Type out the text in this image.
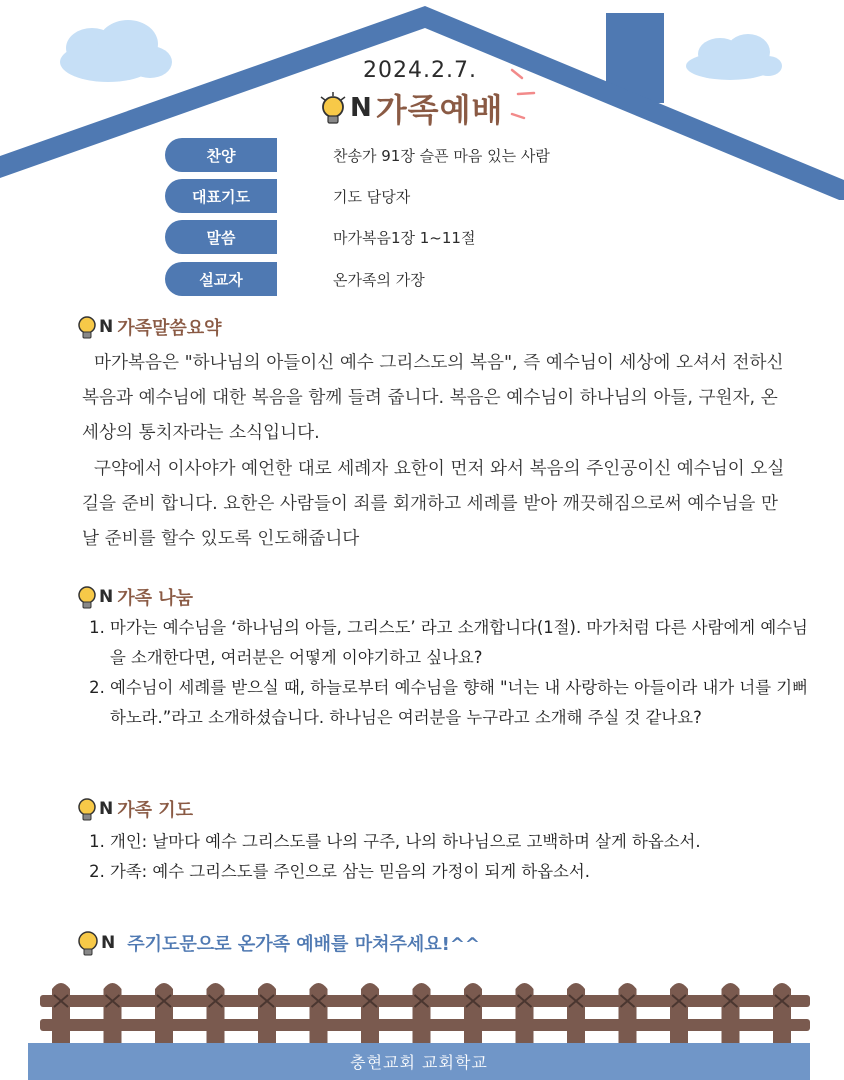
2024.2.7.
N 가족예배
찬양	찬송가 91장 슬픈 마음 있는 사람
대표기도	기도 담당자
말씀	마가복음1장 1~11절
설교자	온가족의 가장
N 가족말씀요약

마가복음은 "하나님의 아들이신 예수 그리스도의 복음", 즉 예수님이 세상에 오셔서 전하신 복음과 예수님에 대한 복음을 함께 들려 줍니다. 복음은 예수님이 하나님의 아들, 구원자, 온 세상의 통치자라는 소식입니다.

구약에서 이사야가 예언한 대로 세례자 요한이 먼저 와서 복음의 주인공이신 예수님이 오실 길을 준비 합니다. 요한은 사람들이 죄를 회개하고 세례를 받아 깨끗해짐으로써 예수님을 만날 준비를 할수 있도록 인도해줍니다

N 가족 나눔
1. 마가는 예수님을 ‘하나님의 아들, 그리스도’ 라고 소개합니다(1절). 마가처럼 다른 사람에게 예수님을 소개한다면, 여러분은 어떻게 이야기하고 싶나요?
2. 예수님이 세례를 받으실 때, 하늘로부터 예수님을 향해 "너는 내 사랑하는 아들이라 내가 너를 기뻐하노라.”라고 소개하셨습니다. 하나님은 여러분을 누구라고 소개해 주실 것 같나요?
N 가족 기도
1. 개인: 날마다 예수 그리스도를 나의 구주, 나의 하나님으로 고백하며 살게 하옵소서.
2. 가족: 예수 그리스도를 주인으로 삼는 믿음의 가정이 되게 하옵소서.
N 주기도문으로 온가족 예배를 마쳐주세요!^^
충현교회 교회학교
